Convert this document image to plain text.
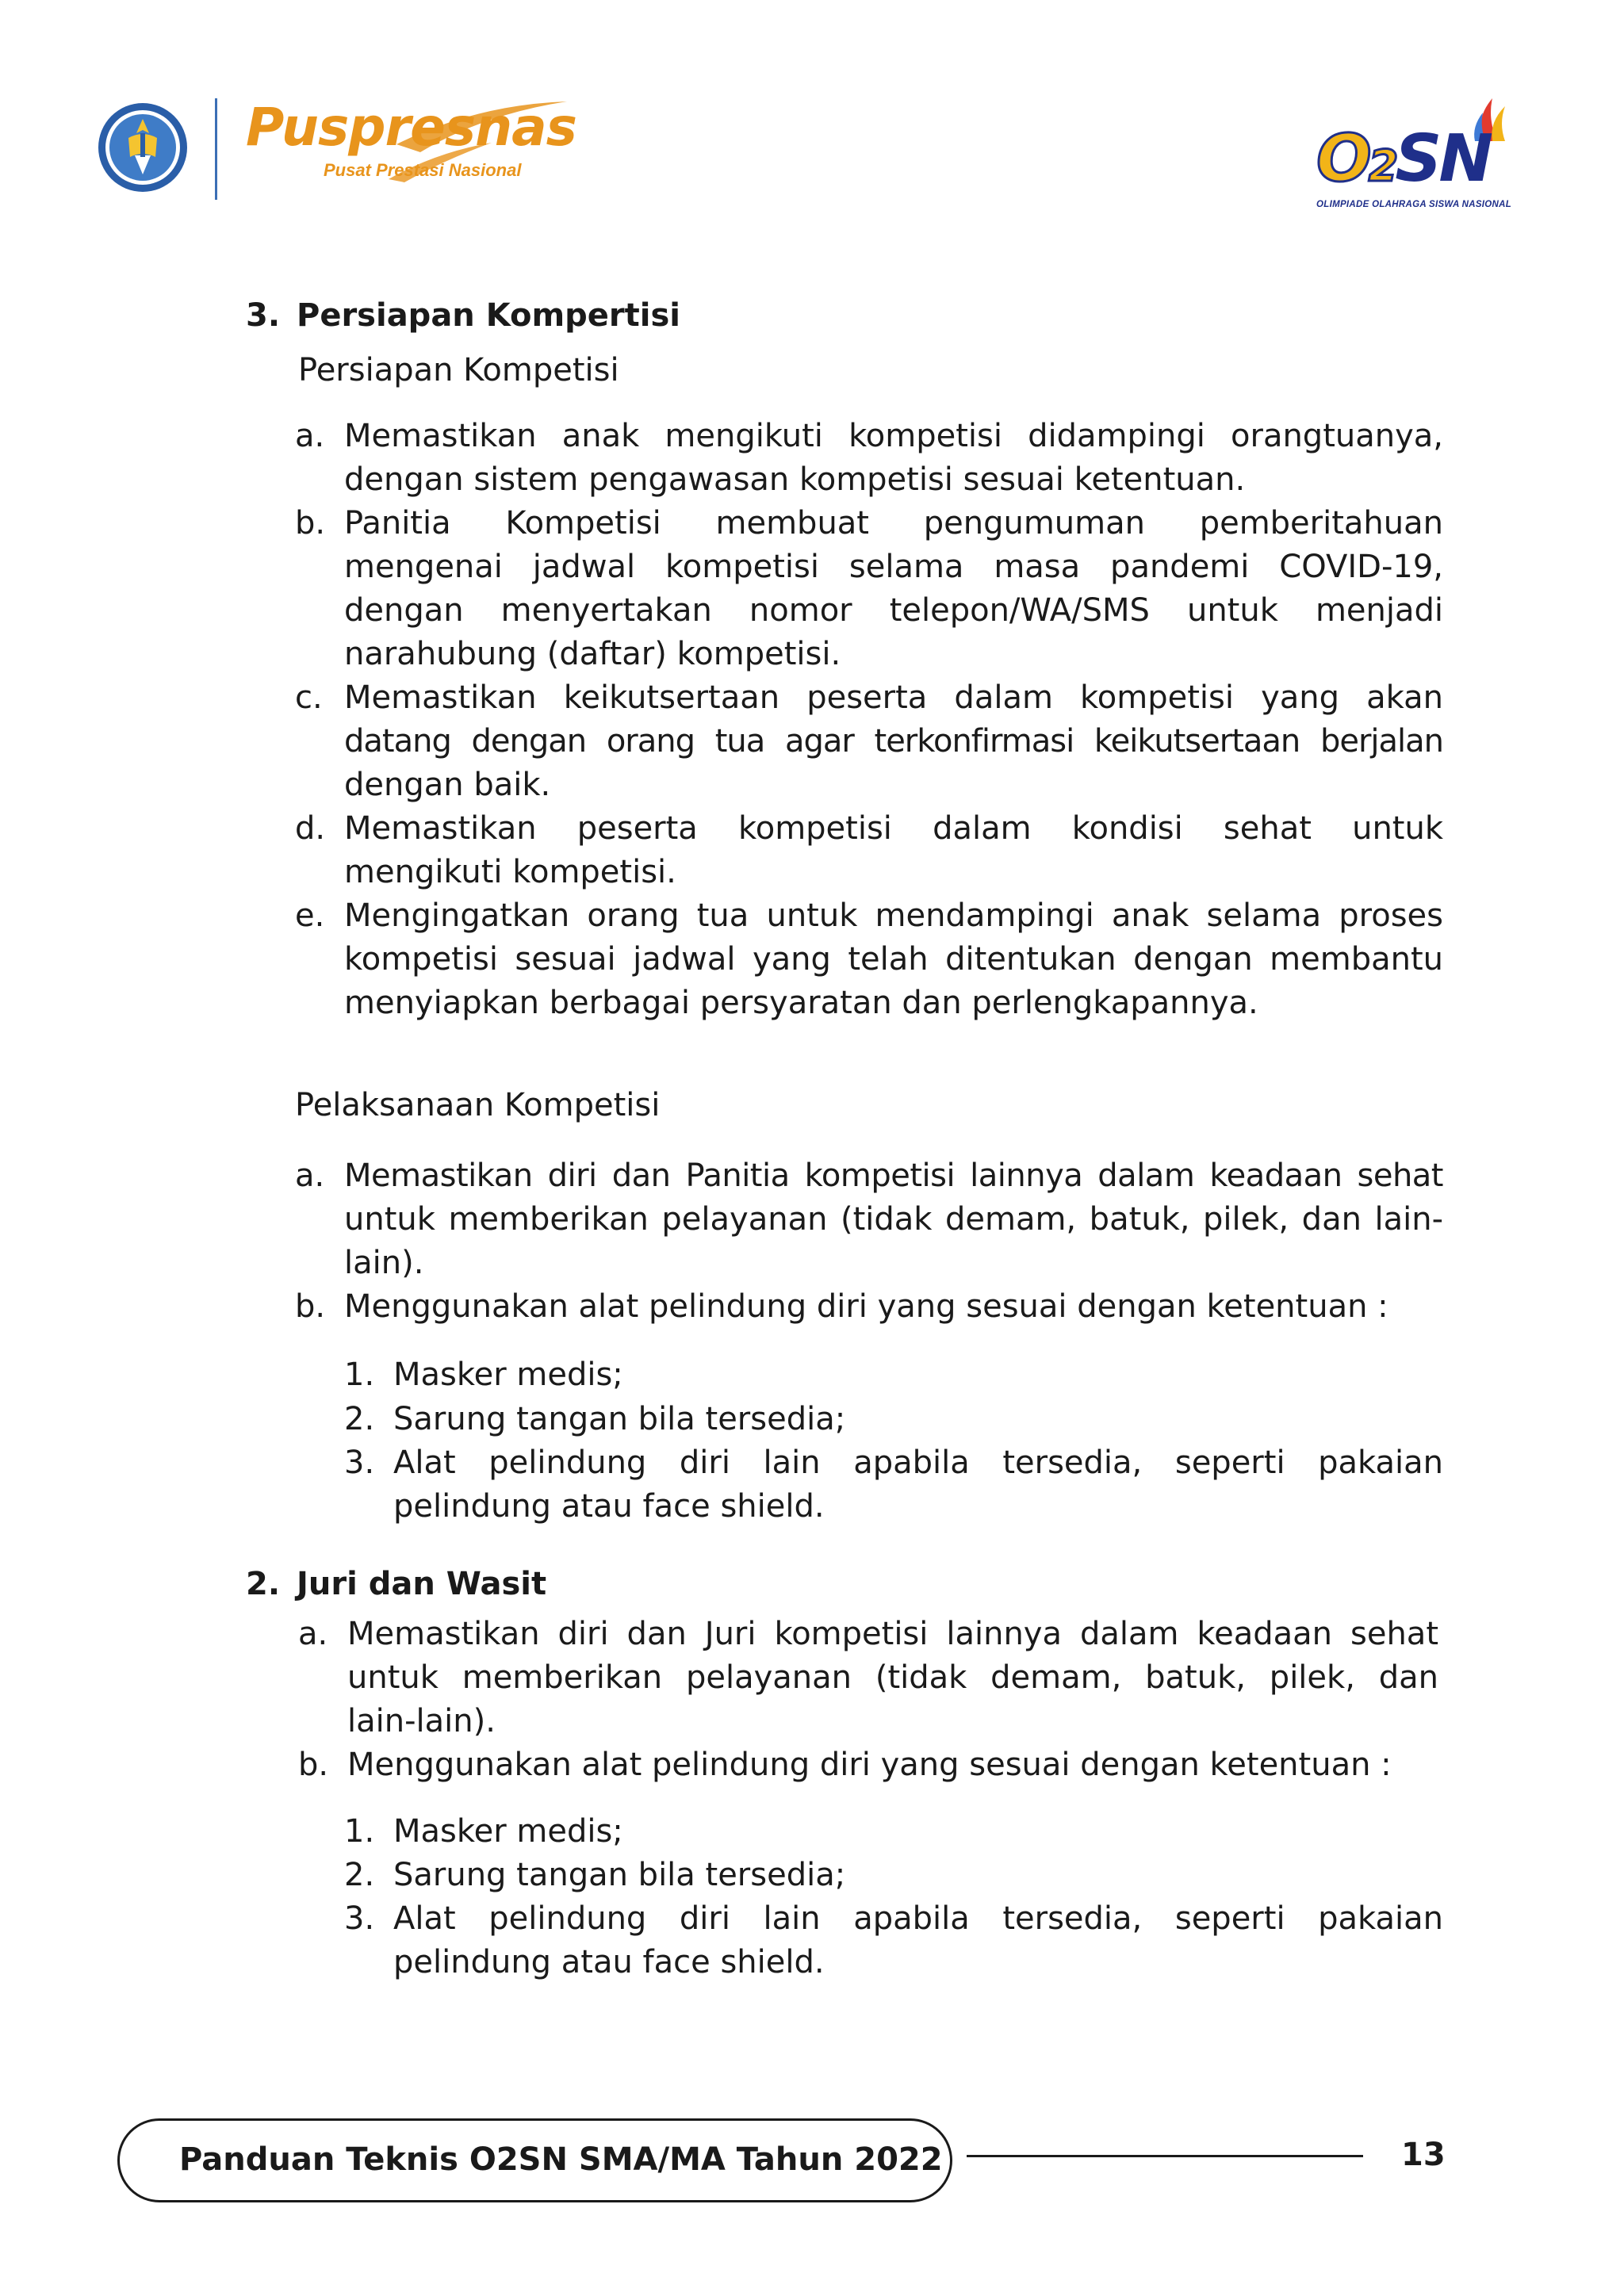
Puspresnas
Pusat Prestasi Nasional	O2SN
OLIMPIADE OLAHRAGA SISWA NASIONAL
3. Persiapan Kompertisi
Persiapan Kompetisi
a. Memastikan anak mengikuti kompetisi didampingi orangtuanya,

dengan sistem pengawasan kompetisi sesuai ketentuan.

b. Panitia Kompetisi membuat pengumuman pemberitahuan

mengenai jadwal kompetisi selama masa pandemi COVID-19,

dengan menyertakan nomor telepon/WA/SMS untuk menjadi

narahubung (daftar) kompetisi.

c. Memastikan keikutsertaan peserta dalam kompetisi yang akan

datang dengan orang tua agar terkonfirmasi keikutsertaan berjalan

dengan baik.

d. Memastikan peserta kompetisi dalam kondisi sehat untuk

mengikuti kompetisi.

e. Mengingatkan orang tua untuk mendampingi anak selama proses

kompetisi sesuai jadwal yang telah ditentukan dengan membantu

menyiapkan berbagai persyaratan dan perlengkapannya.

Pelaksanaan Kompetisi
a. Memastikan diri dan Panitia kompetisi lainnya dalam keadaan sehat

untuk memberikan pelayanan (tidak demam, batuk, pilek, dan lain-

lain).

b. Menggunakan alat pelindung diri yang sesuai dengan ketentuan :

1. Masker medis;

2. Sarung tangan bila tersedia;

3. Alat pelindung diri lain apabila tersedia, seperti pakaian

pelindung atau face shield.

2. Juri dan Wasit
a. Memastikan diri dan Juri kompetisi lainnya dalam keadaan sehat

untuk memberikan pelayanan (tidak demam, batuk, pilek, dan

lain-lain).

b. Menggunakan alat pelindung diri yang sesuai dengan ketentuan :

1. Masker medis;

2. Sarung tangan bila tersedia;

3. Alat pelindung diri lain apabila tersedia, seperti pakaian

pelindung atau face shield.

Panduan Teknis O2SN SMA/MA Tahun 2022	13
